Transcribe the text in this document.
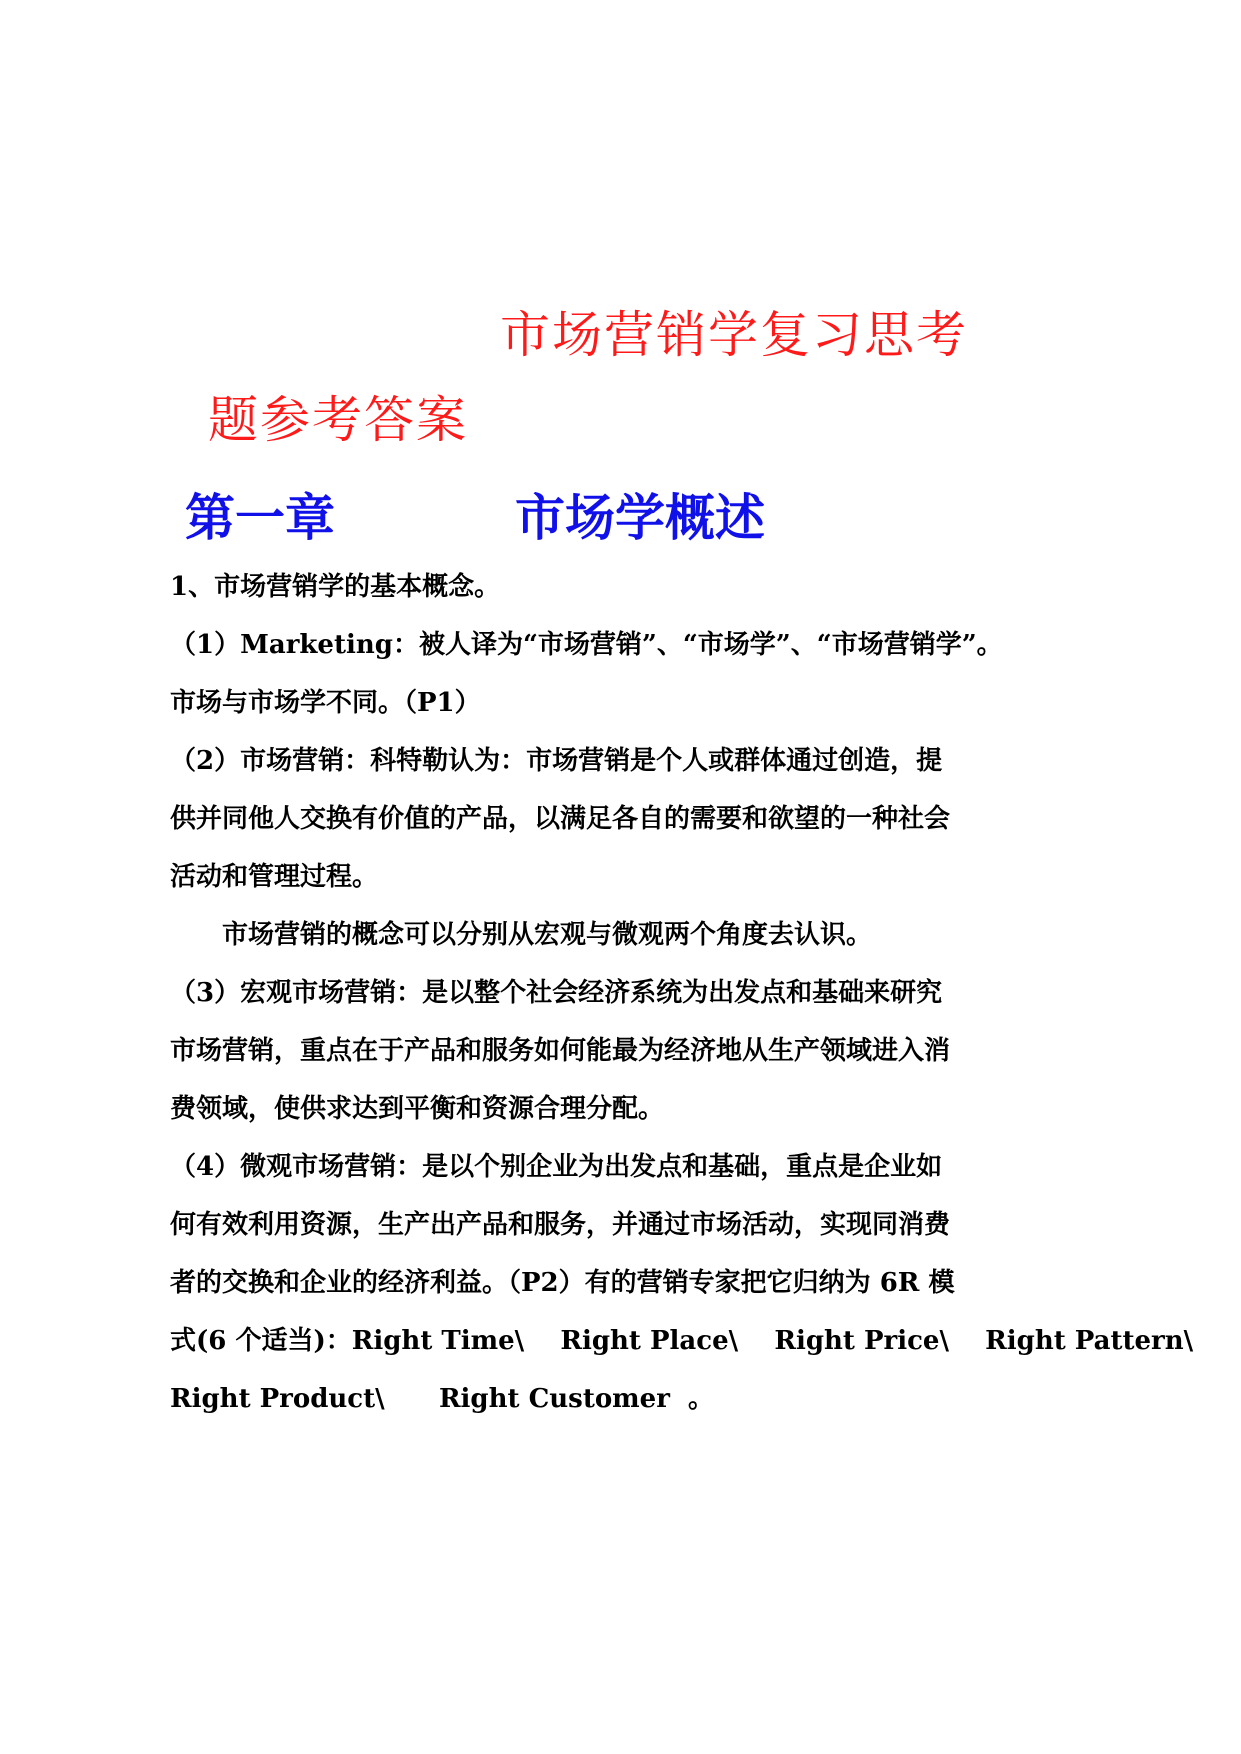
市场营销学复习思考
题参考答案
第一章	市场学概述
1、市场营销学的基本概念。
（1）Marketing：被人译为“市场营销”、“市场学”、“市场营销学”。
市场与市场学不同。（P1）
（2）市场营销：科特勒认为：市场营销是个人或群体通过创造，提
供并同他人交换有价值的产品，以满足各自的需要和欲望的一种社会
活动和管理过程。
市场营销的概念可以分别从宏观与微观两个角度去认识。
（3）宏观市场营销：是以整个社会经济系统为出发点和基础来研究
市场营销，重点在于产品和服务如何能最为经济地从生产领域进入消
费领域，使供求达到平衡和资源合理分配。
（4）微观市场营销：是以个别企业为出发点和基础，重点是企业如
何有效利用资源，生产出产品和服务，并通过市场活动，实现同消费
者的交换和企业的经济利益。（P2）有的营销专家把它归纳为 6R 模
式(6 个适当)：Right Time\    Right Place\    Right Price\    Right Pattern\
Right Product\      Right Customer  。
